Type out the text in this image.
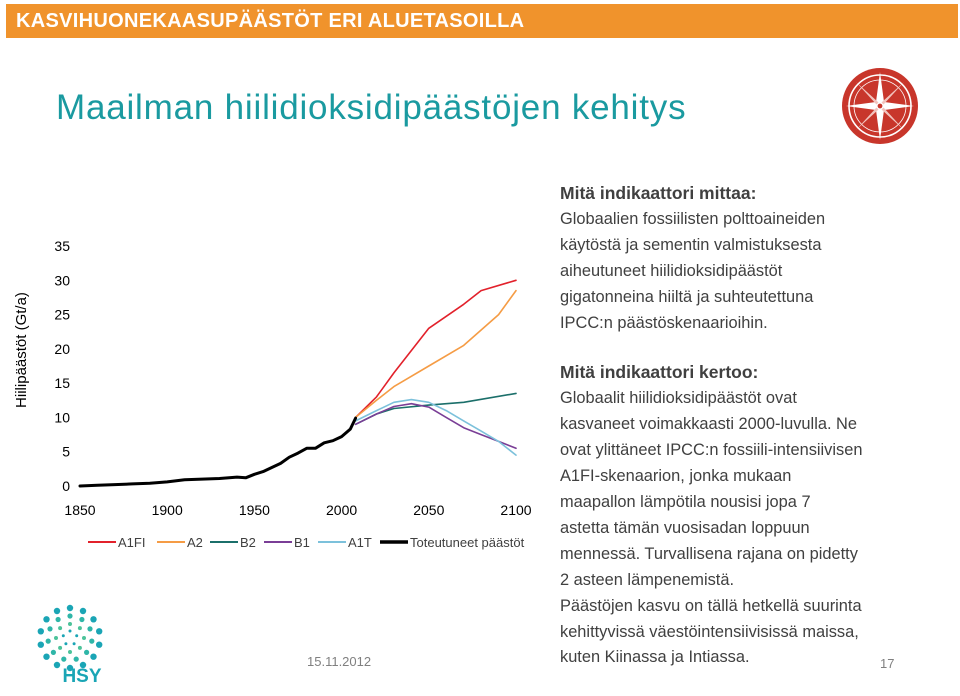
KASVIHUONEKAASUPÄÄSTÖT ERI ALUETASOILLA
Maailman hiilidioksidipäästöjen kehitys
Hiilipäästöt (Gt/a)
0
5
10
15
20
25
30
35
1850	1900	1950	2000	2050	2100
A1FI	A2	B2	B1	A1T	Toteutuneet päästöt
Mitä indikaattori mittaa:

Globaalien fossiilisten polttoaineiden

käytöstä ja sementin valmistuksesta

aiheutuneet hiilidioksidipäästöt

gigatonneina hiiltä ja suhteutettuna

IPCC:n päästöskenaarioihin.

Mitä indikaattori kertoo:

Globaalit hiilidioksidipäästöt ovat

kasvaneet voimakkaasti 2000-luvulla. Ne

ovat ylittäneet IPCC:n fossiili-intensiivisen

A1FI-skenaarion, jonka mukaan

maapallon lämpötila nousisi jopa 7

astetta tämän vuosisadan loppuun

mennessä. Turvallisena rajana on pidetty

2 asteen lämpenemistä.

Päästöjen kasvu on tällä hetkellä suurinta

kehittyvissä väestöintensiivisissä maissa,

kuten Kiinassa ja Intiassa.

HSY
15.11.2012	17
